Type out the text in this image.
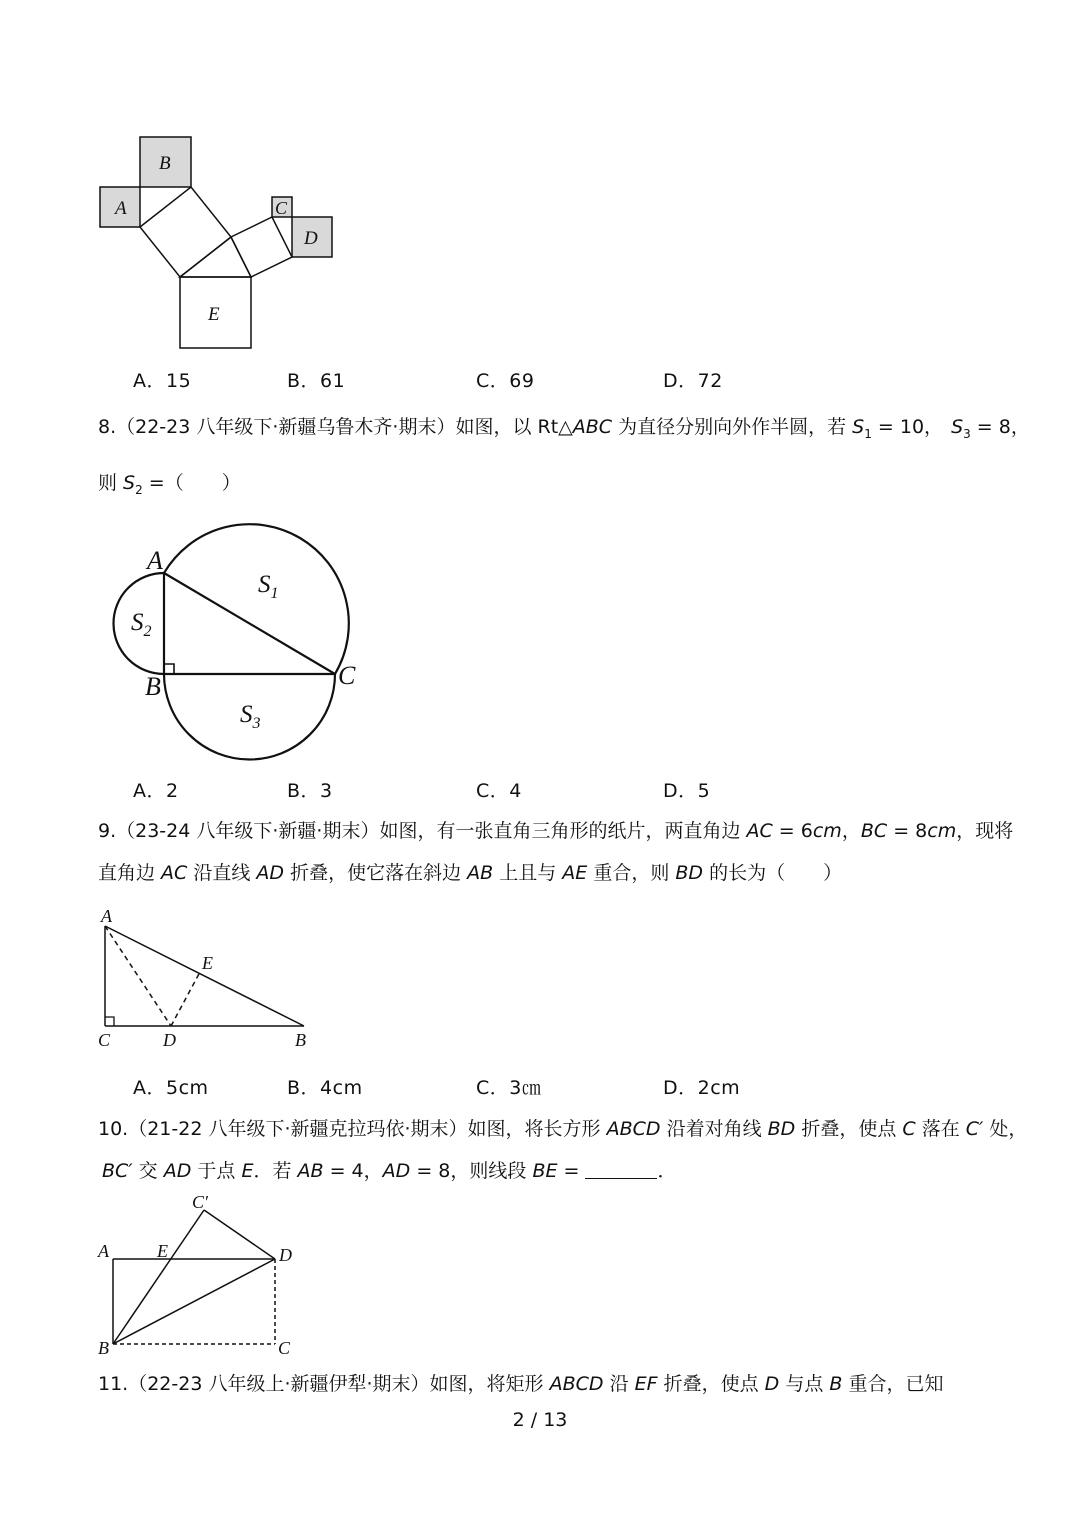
A
B
C
D
E
A．15	B．61	C．69	D．72
8.（22-23 八年级下·新疆乌鲁木齐·期末）如图，以 Rt△ABC 为直径分别向外作半圆，若 $S_1 = 10$， $S_3 = 8$，
则 $S_2$ =（　　）
A
B	C
$S_1$
$S_2$
$S_3$
A．2	B．3	C．4	D．5
9.（23-24 八年级下·新疆·期末）如图，有一张直角三角形的纸片，两直角边 AC = 6cm，BC = 8cm，现将
直角边 AC 沿直线 AD 折叠，使它落在斜边 AB 上且与 AE 重合，则 BD 的长为（　　）
A
E
C	D	B
A．5cm	B．4cm	C．3㎝	D．2cm
10.（21-22 八年级下·新疆克拉玛依·期末）如图，将长方形 ABCD 沿着对角线 BD 折叠，使点 C 落在 C′ 处，
BC′ 交 AD 于点 E．若 AB = 4，AD = 8，则线段 BE =	．
C′
A	E	D
B	C
11.（22-23 八年级上·新疆伊犁·期末）如图，将矩形 ABCD 沿 EF 折叠，使点 D 与点 B 重合，已知
2 / 13
